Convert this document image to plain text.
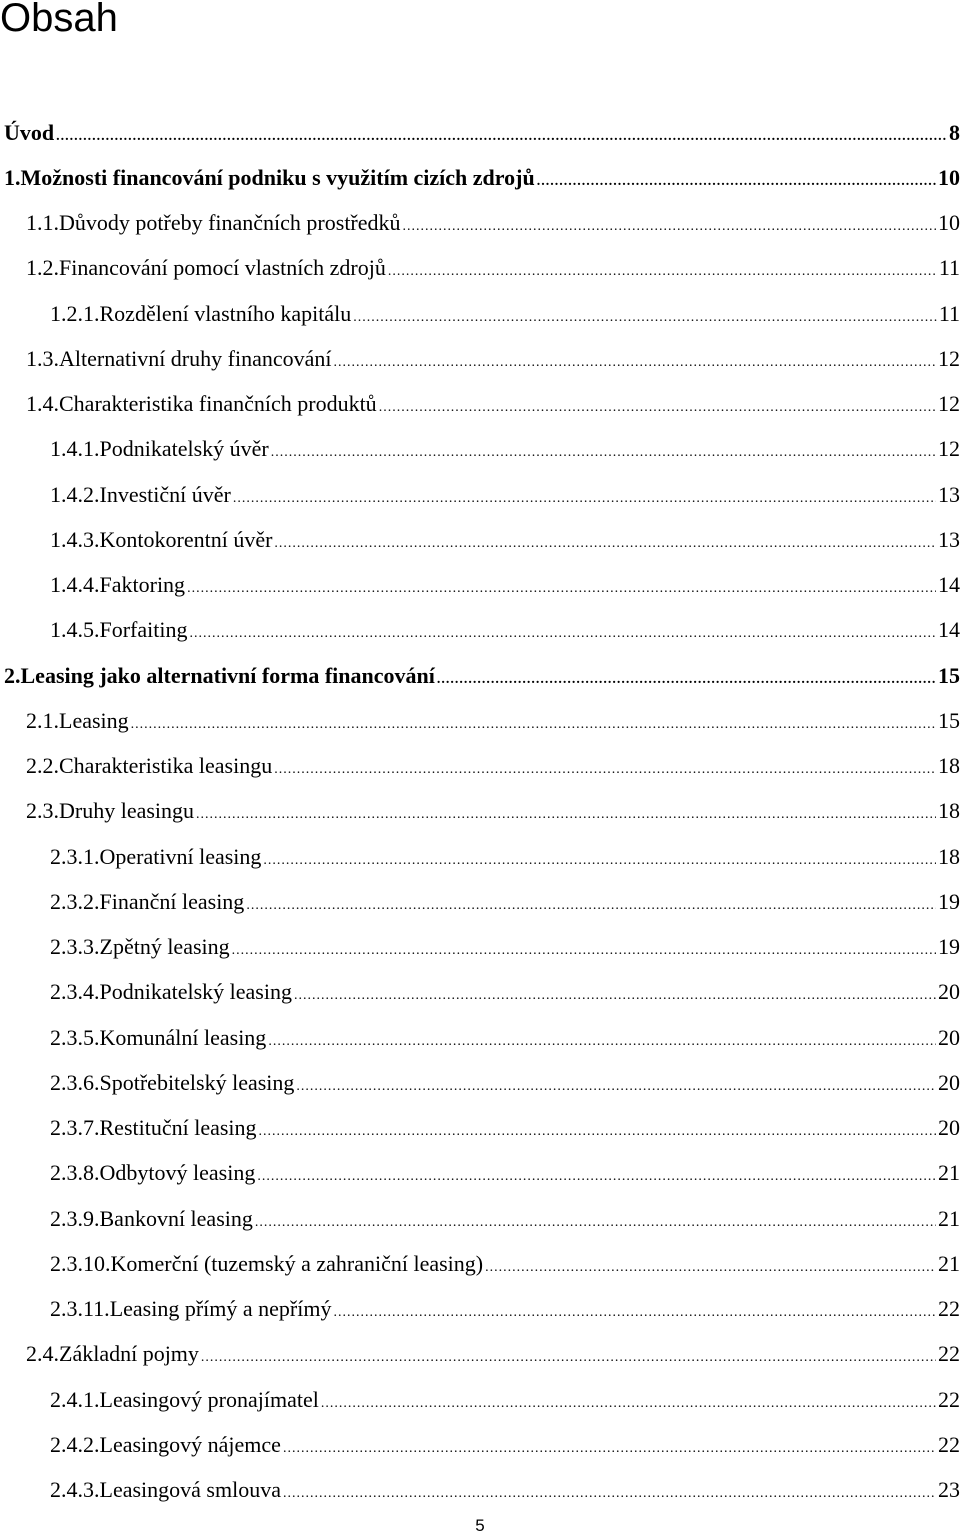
Obsah
Úvod .....	8
1. Možnosti financování podniku s využitím cizích zdrojů .....	10
1.1. Důvody potřeby finančních prostředků .....	10
1.2. Financování pomocí vlastních zdrojů .....	11
1.2.1. Rozdělení vlastního kapitálu .....	11
1.3. Alternativní druhy financování .....	12
1.4. Charakteristika finančních produktů .....	12
1.4.1. Podnikatelský úvěr .....	12
1.4.2. Investiční úvěr .....	13
1.4.3. Kontokorentní úvěr .....	13
1.4.4. Faktoring .....	14
1.4.5. Forfaiting .....	14
2. Leasing jako alternativní forma financování .....	15
2.1. Leasing .....	15
2.2. Charakteristika leasingu .....	18
2.3. Druhy leasingu .....	18
2.3.1. Operativní leasing .....	18
2.3.2. Finanční leasing .....	19
2.3.3. Zpětný leasing .....	19
2.3.4. Podnikatelský leasing .....	20
2.3.5. Komunální leasing .....	20
2.3.6. Spotřebitelský leasing .....	20
2.3.7. Restituční leasing .....	20
2.3.8. Odbytový leasing .....	21
2.3.9. Bankovní leasing .....	21
2.3.10. Komerční (tuzemský a zahraniční leasing) .....	21
2.3.11. Leasing přímý a nepřímý .....	22
2.4. Základní pojmy .....	22
2.4.1. Leasingový pronajímatel .....	22
2.4.2. Leasingový nájemce .....	22
2.4.3. Leasingová smlouva .....	23
5
